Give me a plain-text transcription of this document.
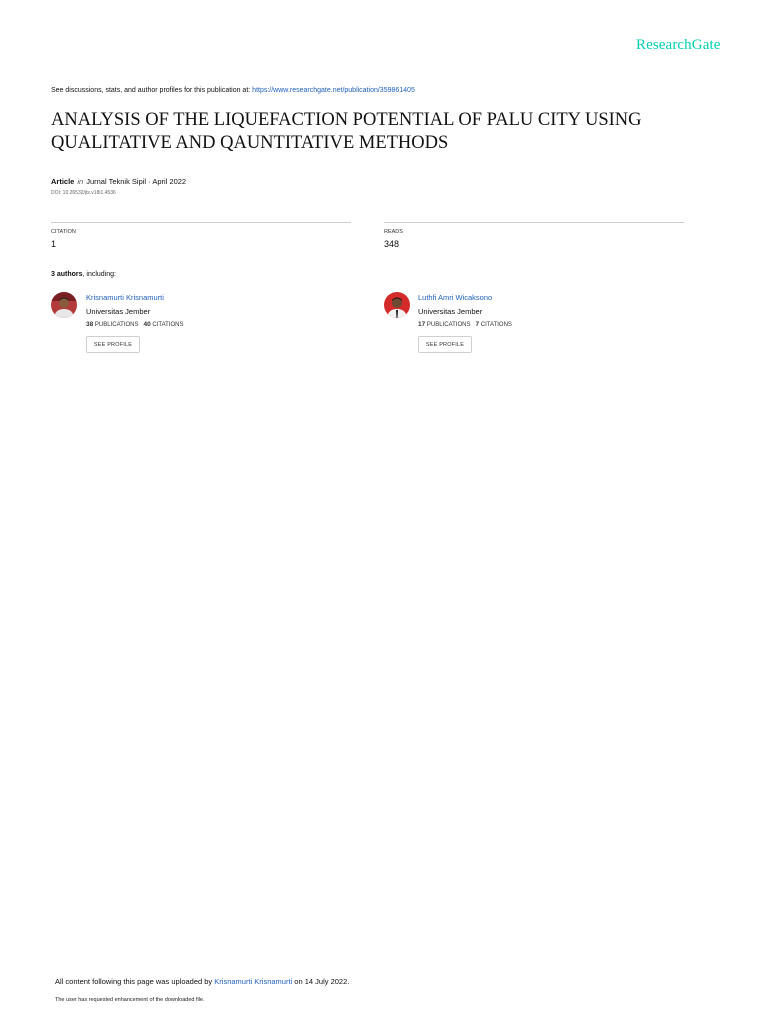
ResearchGate
See discussions, stats, and author profiles for this publication at: https://www.researchgate.net/publication/359861405
ANALYSIS OF THE LIQUEFACTION POTENTIAL OF PALU CITY USING QUALITATIVE AND QAUNTITATIVE METHODS
Article in Jurnal Teknik Sipil · April 2022
DOI: 10.26532/jts.v18i1.4536
CITATION
1
READS
348
3 authors, including:
Krisnamurti Krisnamurti
Universitas Jember
38 PUBLICATIONS 40 CITATIONS
SEE PROFILE
Luthfi Amri Wicaksono
Universitas Jember
17 PUBLICATIONS 7 CITATIONS
SEE PROFILE
All content following this page was uploaded by Krisnamurti Krisnamurti on 14 July 2022.
The user has requested enhancement of the downloaded file.
